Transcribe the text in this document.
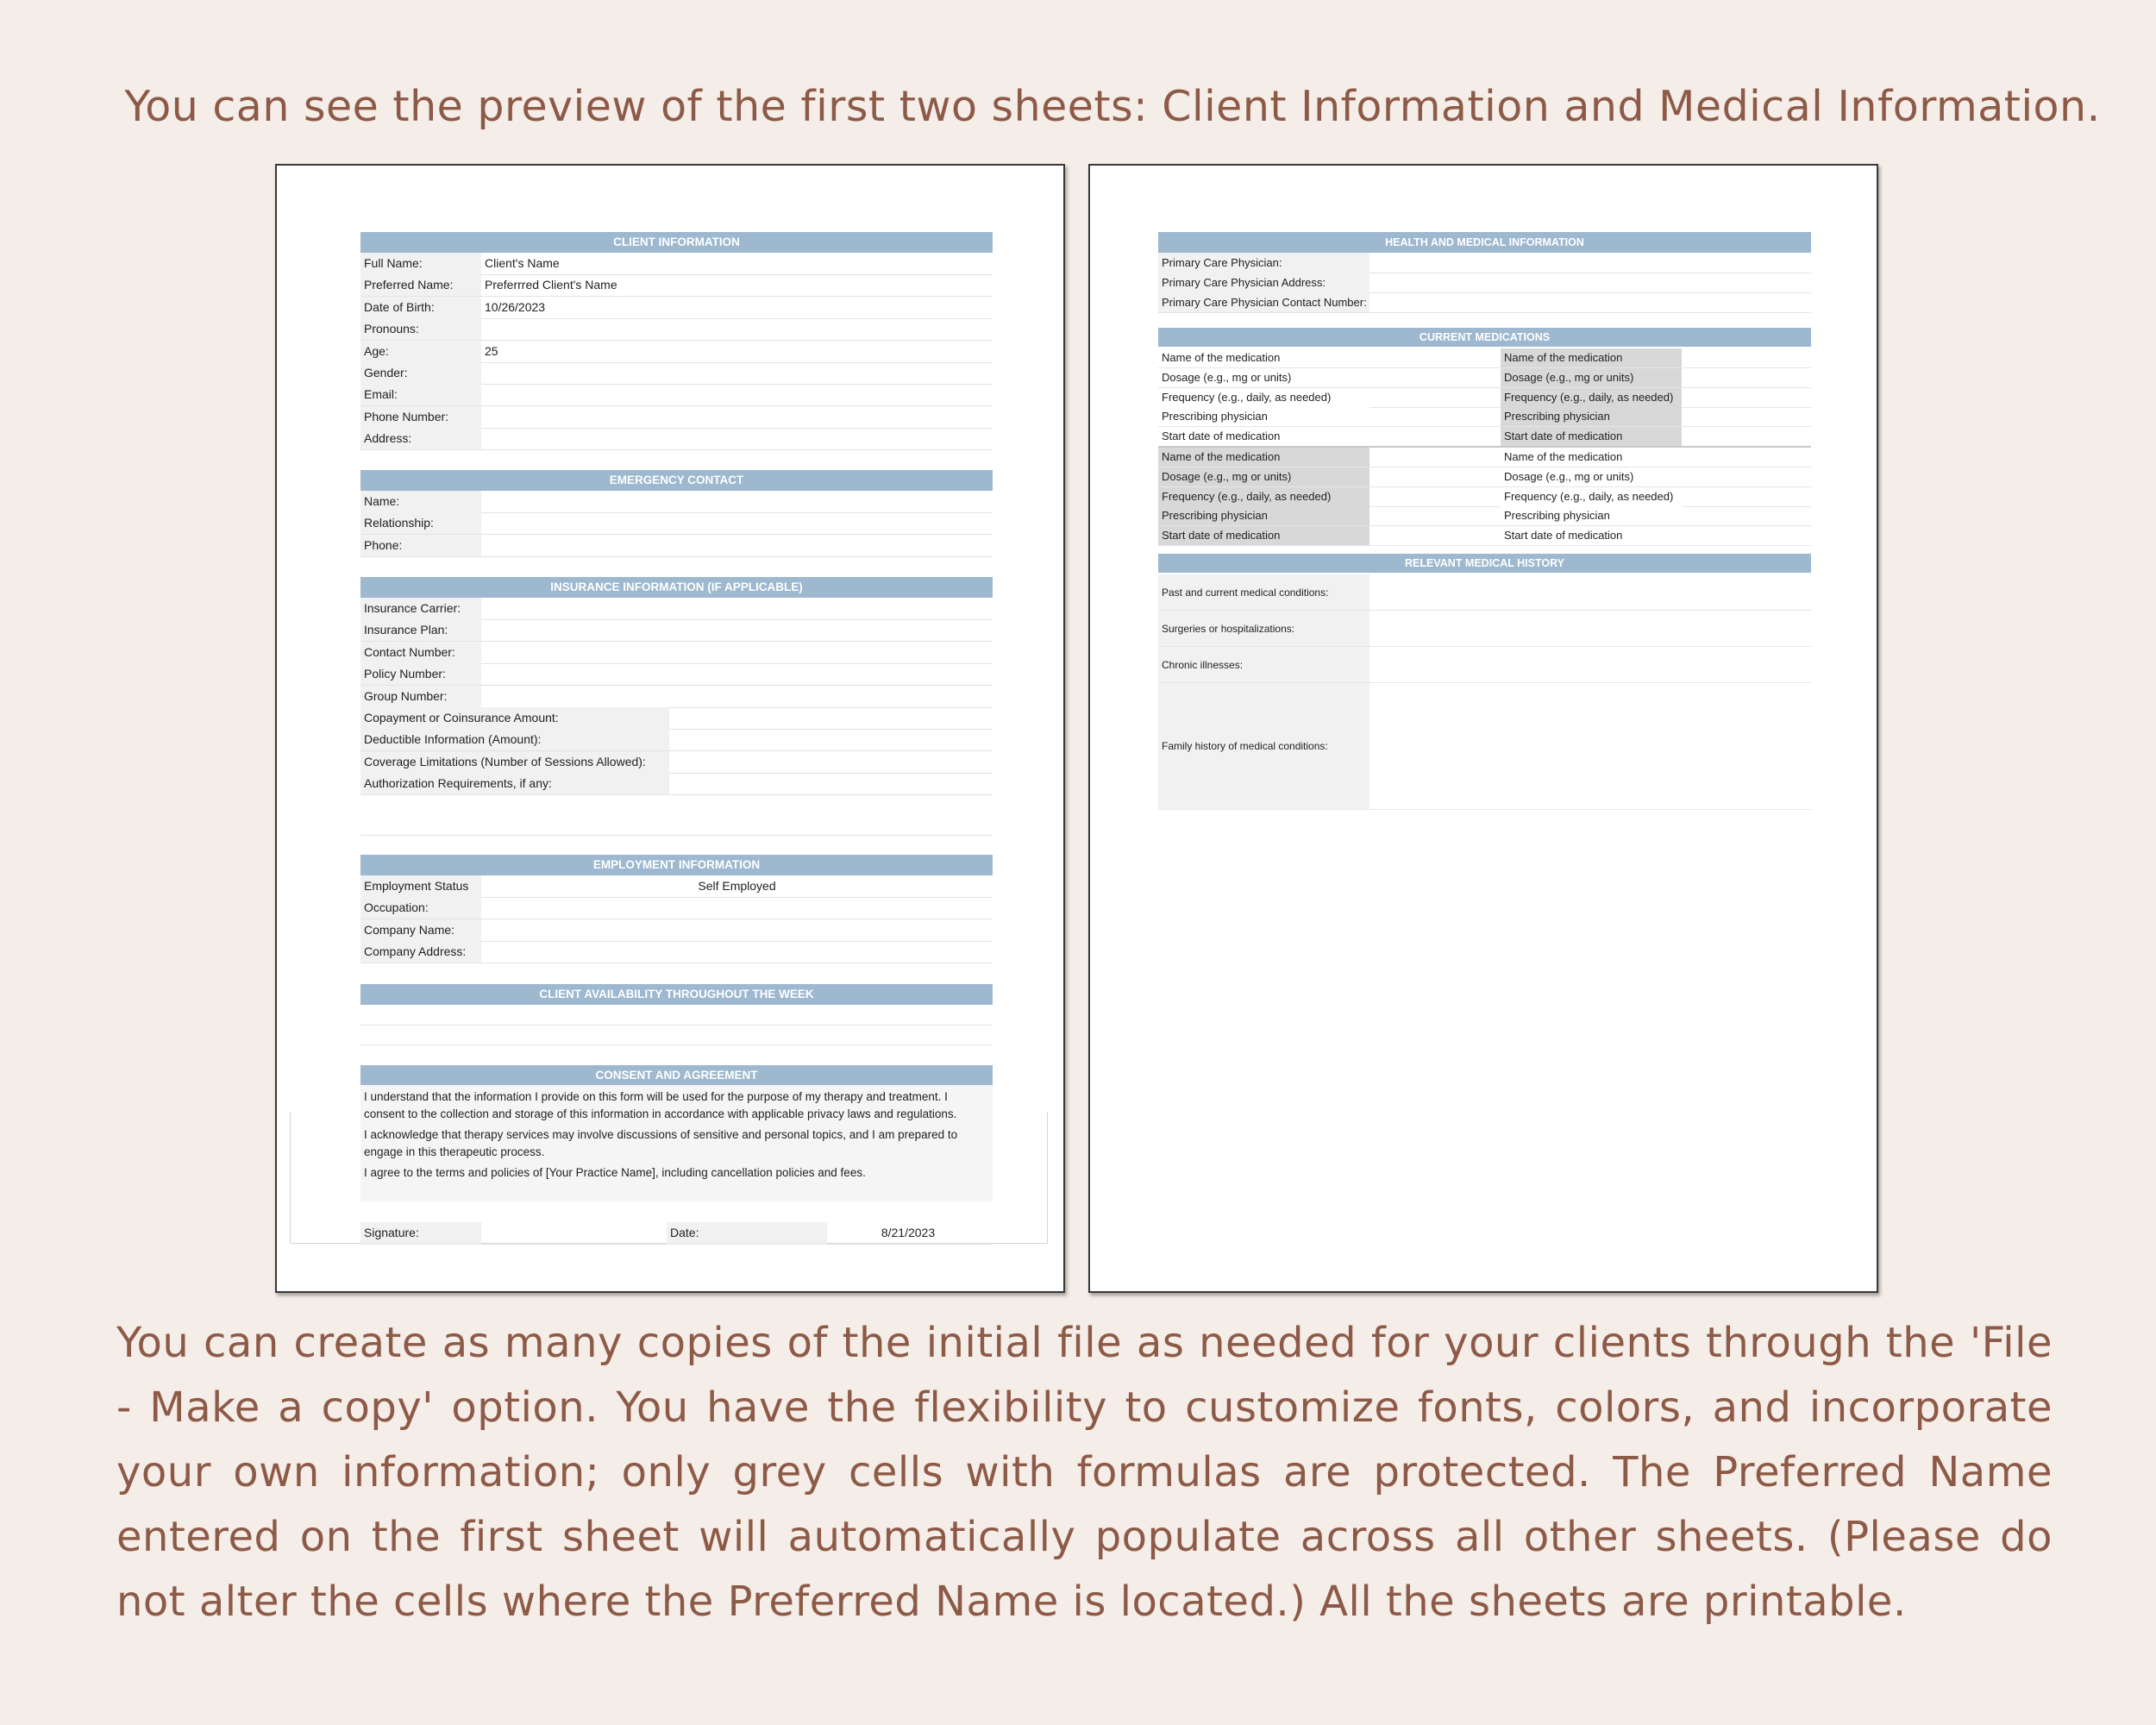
You can see the preview of the first two sheets: Client Information and Medical Information.
CLIENT INFORMATION
Full Name:	Client's Name
Preferred Name:	Preferrred Client's Name
Date of Birth:	10/26/2023
Pronouns:
Age:	25
Gender:
Email:
Phone Number:
Address:
EMERGENCY CONTACT
Name:
Relationship:
Phone:
INSURANCE INFORMATION (IF APPLICABLE)
Insurance Carrier:
Insurance Plan:
Contact Number:
Policy Number:
Group Number:
Copayment or Coinsurance Amount:
Deductible Information (Amount):
Coverage Limitations (Number of Sessions Allowed):
Authorization Requirements, if any:
EMPLOYMENT INFORMATION
Employment Status	Self Employed
Occupation:
Company Name:
Company Address:
CLIENT AVAILABILITY THROUGHOUT THE WEEK
CONSENT AND AGREEMENT

I understand that the information I provide on this form will be used for the purpose of my therapy and treatment. I consent to the collection and storage of this information in accordance with applicable privacy laws and regulations.

I acknowledge that therapy services may involve discussions of sensitive and personal topics, and I am prepared to engage in this therapeutic process.

I agree to the terms and policies of [Your Practice Name], including cancellation policies and fees.

Signature:	Date:	8/21/2023
HEALTH AND MEDICAL INFORMATION
Primary Care Physician:
Primary Care Physician Address:
Primary Care Physician Contact Number:
CURRENT MEDICATIONS
Name of the medication	Name of the medication
Dosage (e.g., mg or units)	Dosage (e.g., mg or units)
Frequency (e.g., daily, as needed)	Frequency (e.g., daily, as needed)
Prescribing physician	Prescribing physician
Start date of medication	Start date of medication
Name of the medication	Name of the medication
Dosage (e.g., mg or units)	Dosage (e.g., mg or units)
Frequency (e.g., daily, as needed)	Frequency (e.g., daily, as needed)
Prescribing physician	Prescribing physician
Start date of medication	Start date of medication
RELEVANT MEDICAL HISTORY
Past and current medical conditions:
Surgeries or hospitalizations:
Chronic illnesses:
Family history of medical conditions:
You can create as many copies of the initial file as needed for your clients through the 'File - Make a copy' option. You have the flexibility to customize fonts, colors, and incorporate your own information; only grey cells with formulas are protected. The Preferred Name entered on the first sheet will automatically populate across all other sheets. (Please do not alter the cells where the Preferred Name is located.) All the sheets are printable.
